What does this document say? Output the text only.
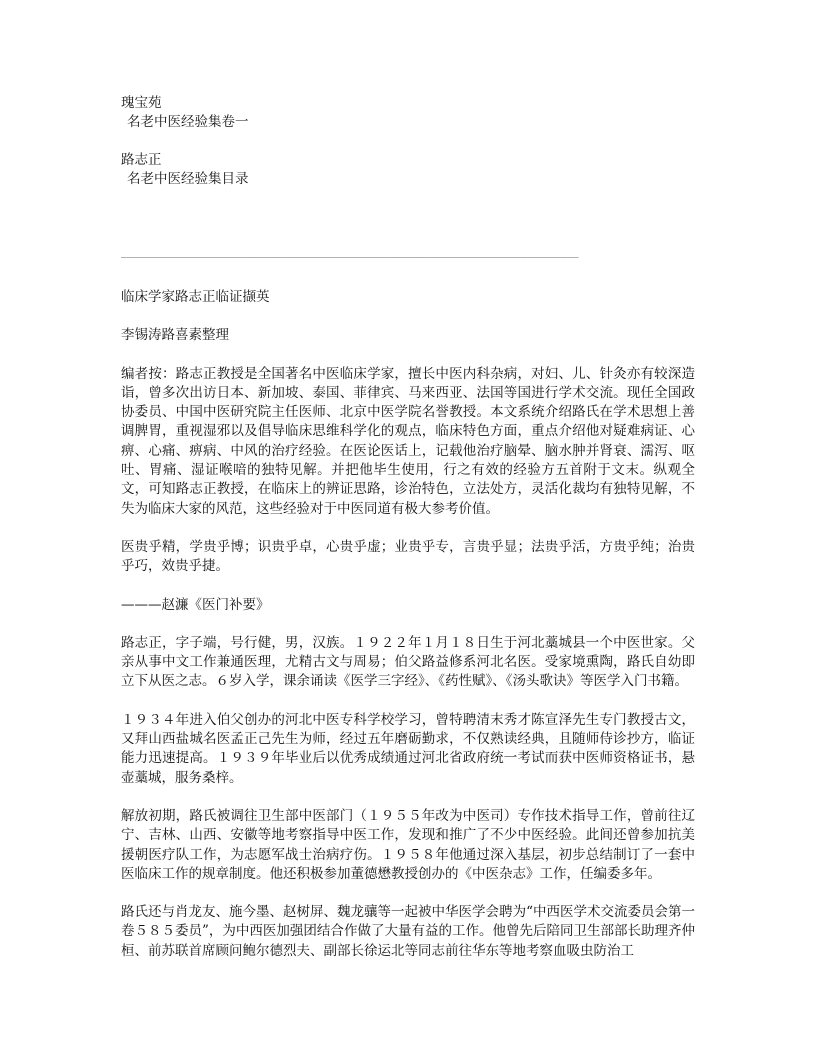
瑰宝苑

名老中医经验集卷一

路志正

名老中医经验集目录

________________________________________________________________________________

临床学家路志正临证撷英

李锡涛路喜素整理

编者按：路志正教授是全国著名中医临床学家，擅长中医内科杂病，对妇、儿、针灸亦有较深造诣，曾多次出访日本、新加坡、泰国、菲律宾、马来西亚、法国等国进行学术交流。现任全国政协委员、中国中医研究院主任医师、北京中医学院名誉教授。本文系统介绍路氏在学术思想上善调脾胃，重视湿邪以及倡导临床思维科学化的观点，临床特色方面，重点介绍他对疑难病证、心痹、心痛、痹病、中风的治疗经验。在医论医话上，记载他治疗脑晕、脑水肿并肾衰、濡泻、呕吐、胃痛、湿证喉喑的独特见解。并把他毕生使用，行之有效的经验方五首附于文末。纵观全文，可知路志正教授，在临床上的辨证思路，诊治特色，立法处方，灵活化裁均有独特见解，不失为临床大家的风范，这些经验对于中医同道有极大参考价值。

医贵乎精，学贵乎博；识贵乎卓，心贵乎虚；业贵乎专，言贵乎显；法贵乎活，方贵乎纯；治贵乎巧，效贵乎捷。

———赵濂《医门补要》

路志正，字子端，号行健，男，汉族。１９２２年１月１８日生于河北藁城县一个中医世家。父亲从事中文工作兼通医理，尤精古文与周易；伯父路益修系河北名医。受家境熏陶，路氏自幼即立下从医之志。６岁入学，课余诵读《医学三字经》、《药性赋》、《汤头歌诀》等医学入门书籍。

１９３４年进入伯父创办的河北中医专科学校学习，曾特聘清末秀才陈宣泽先生专门教授古文，又拜山西盐城名医孟正己先生为师，经过五年磨砺勤求，不仅熟读经典，且随师侍诊抄方，临证能力迅速提高。１９３９年毕业后以优秀成绩通过河北省政府统一考试而获中医师资格证书，悬壶藁城，服务桑梓。

解放初期，路氏被调往卫生部中医部门（１９５５年改为中医司）专作技术指导工作，曾前往辽宁、吉林、山西、安徽等地考察指导中医工作，发现和推广了不少中医经验。此间还曾参加抗美援朝医疗队工作，为志愿军战士治病疗伤。１９５８年他通过深入基层，初步总结制订了一套中医临床工作的规章制度。他还积极参加董德懋教授创办的《中医杂志》工作，任编委多年。

路氏还与肖龙友、施今墨、赵树屏、魏龙骧等一起被中华医学会聘为“中西医学术交流委员会第一卷５８５委员”，为中西医加强团结合作做了大量有益的工作。他曾先后陪同卫生部部长助理齐仲桓、前苏联首席顾问鲍尔德烈夫、副部长徐运北等同志前往华东等地考察血吸虫防治工
